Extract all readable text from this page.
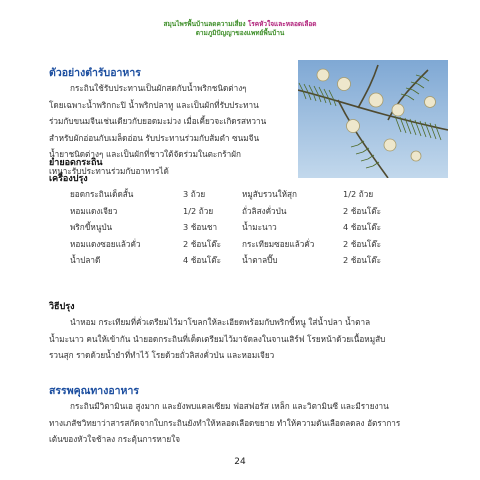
สมุนไพรพื้นบ้านลดความเสี่ยง โรคหัวใจและหลอดเลือด
ตามภูมิปัญญาของแพทย์พื้นบ้าน
ตัวอย่างตำรับอาหาร
กระถินใช้รับประทานเป็นผักสดกับน้ำพริกชนิดต่างๆ
โดยเฉพาะน้ำพริกกะปิ น้ำพริกปลาทู และเป็นผักที่รับประทาน
ร่วมกับขนมจีนเช่นเดียวกับยอดมะม่วง เมื่อเคี้ยวจะเกิดรสหวาน
สำหรับผักอ่อนกับเมล็ดอ่อน รับประทานร่วมกับส้มตำ ซนมจีน
น้ำยาชนิดต่างๆ และเป็นผักที่ชาวใต้จัดร่วมในตะกร้าผัก
เหนาะรับประทานร่วมกับอาหารได้
ยำยอดกระถิน
เครื่องปรุง
ยอดกระถินเด็ดสั้น	3 ถ้วย	หมูสับรวนให้สุก	1/2 ถ้วย
หอมแดงเจียว	1/2 ถ้วย	ถั่วลิสงคั่วป่น	2 ช้อนโต๊ะ
พริกขี้หนูป่น	3 ช้อนชา	น้ำมะนาว	4 ช้อนโต๊ะ
หอมแดงซอยแล้วคั่ว	2 ช้อนโต๊ะ	กระเทียมซอยแล้วคั่ว	2 ช้อนโต๊ะ
น้ำปลาดี	4 ช้อนโต๊ะ	น้ำตาลปี๊บ	2 ช้อนโต๊ะ
วิธีปรุง
นำหอม กระเทียมที่คั่วเตรียมไว้มาโขลกให้ละเอียดพร้อมกับพริกขี้หนู ใส่น้ำปลา น้ำตาล
น้ำมะนาว คนให้เข้ากัน นำยอดกระถินที่เด็ดเตรียมไว้มาจัดลงในจานเสิร์ฟ โรยหน้าด้วยเนื้อหมูสับ
รวนสุก ราดด้วยน้ำยำที่ทำไว้ โรยด้วยถั่วลิสงคั่วป่น และหอมเจียว
สรรพคุณทางอาหาร
กระถินมีวิตามินเอ สูงมาก และยังพบแคลเซียม ฟอสฟอรัส เหล็ก และวิตามินซี และมีรายงาน
ทางเภสัชวิทยาว่าสารสกัดจากใบกระถินยังทำให้หลอดเลือดขยาย ทำให้ความดันเลือดลดลง อัตราการ
เต้นของหัวใจช้าลง กระตุ้นการหายใจ
24
